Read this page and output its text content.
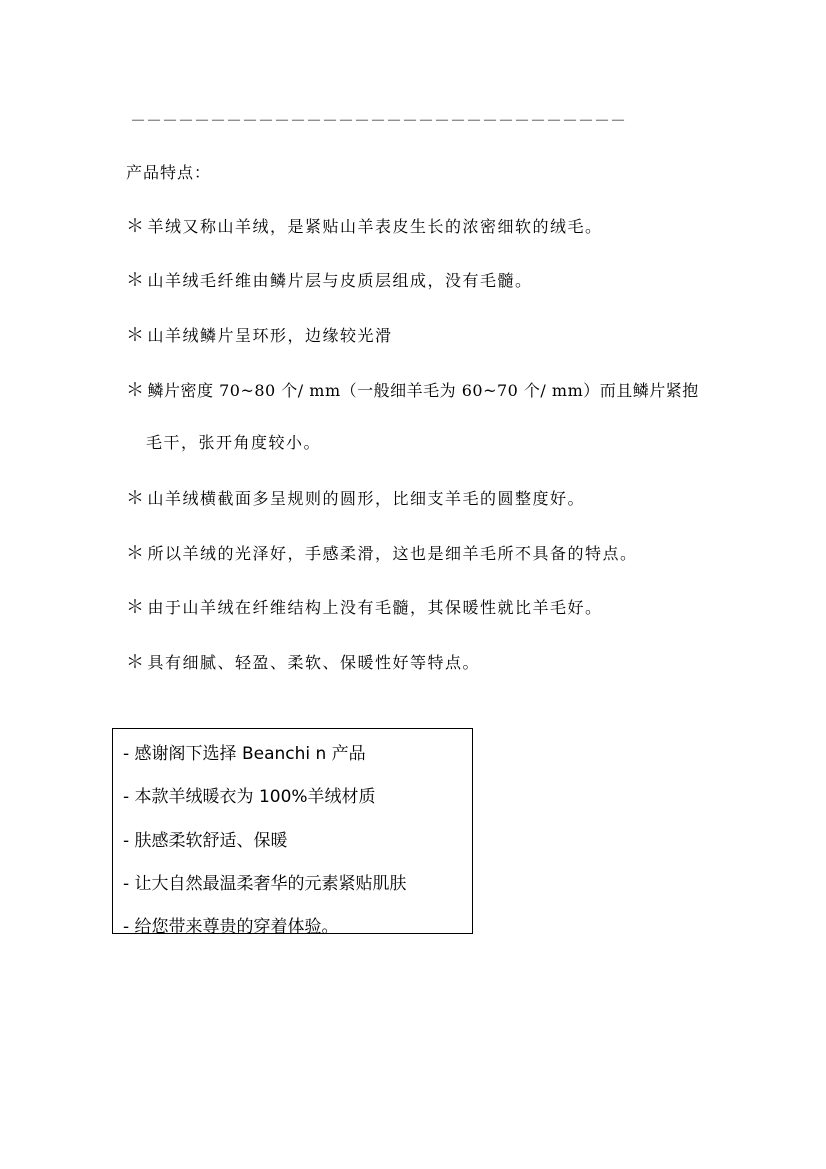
－－－－－－－－－－－－－－－－－－－－－－－－－－－－－－－
产品特点：
＊ 羊绒又称山羊绒，是紧贴山羊表皮生长的浓密细软的绒毛。
＊ 山羊绒毛纤维由鳞片层与皮质层组成，没有毛髓。
＊ 山羊绒鳞片呈环形，边缘较光滑
＊ 鳞片密度 70~80 个/ mm（一般细羊毛为 60~70 个/ mm）而且鳞片紧抱
毛干，张开角度较小。
＊ 山羊绒横截面多呈规则的圆形，比细支羊毛的圆整度好。
＊ 所以羊绒的光泽好，手感柔滑，这也是细羊毛所不具备的特点。
＊ 由于山羊绒在纤维结构上没有毛髓，其保暖性就比羊毛好。
＊ 具有细腻、轻盈、柔软、保暖性好等特点。
- 感谢阁下选择 Beanchi n 产品
- 本款羊绒暖衣为 100%羊绒材质
- 肤感柔软舒适、保暖
- 让大自然最温柔奢华的元素紧贴肌肤
- 给您带来尊贵的穿着体验。
